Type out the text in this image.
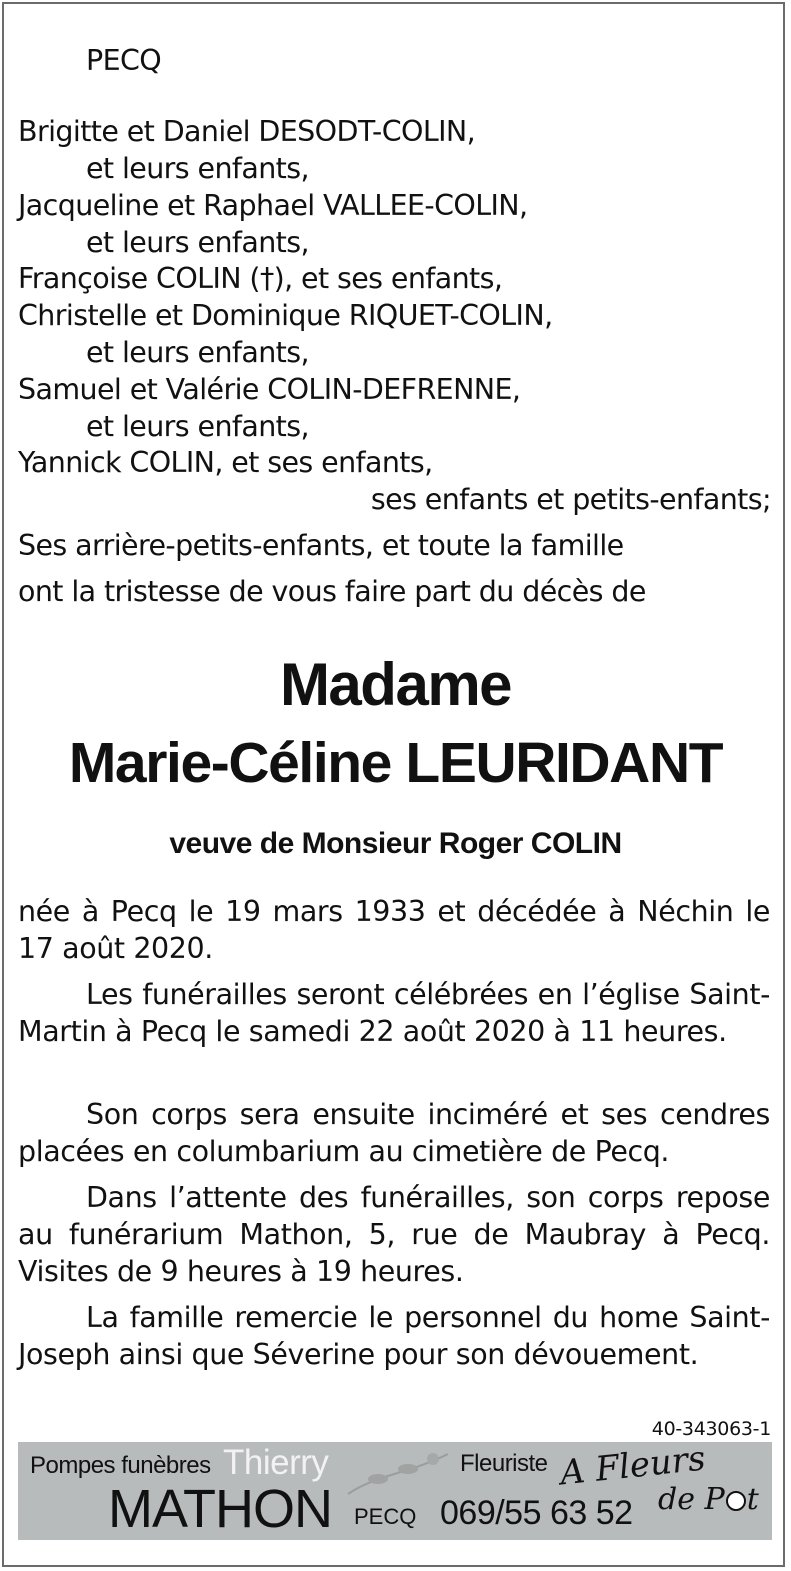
PECQ
Brigitte et Daniel DESODT-COLIN,
et leurs enfants,
Jacqueline et Raphael VALLEE-COLIN,
et leurs enfants,
Françoise COLIN (†), et ses enfants,
Christelle et Dominique RIQUET-COLIN,
et leurs enfants,
Samuel et Valérie COLIN-DEFRENNE,
et leurs enfants,
Yannick COLIN, et ses enfants,
ses enfants et petits-enfants;
Ses arrière-petits-enfants, et toute la famille
ont la tristesse de vous faire part du décès de
Madame
Marie-Céline LEURIDANT
veuve de Monsieur Roger COLIN
née à Pecq le 19 mars 1933 et décédée à Néchin le 17 août 2020.
Les funérailles seront célébrées en l’église Saint-Martin à Pecq le samedi 22 août 2020 à 11 heures.
Son corps sera ensuite inciméré et ses cendres placées en columbarium au cimetière de Pecq.
Dans l’attente des funérailles, son corps repose au funérarium Mathon, 5, rue de Maubray à Pecq. Visites de 9 heures à 19 heures.
La famille remercie le personnel du home Saint-Joseph ainsi que Séverine pour son dévouement.
40-343063-1
Pompes funèbres Thierry
MATHON PECQ 069/55 63 52
Fleuriste A Fleurs
de P t
